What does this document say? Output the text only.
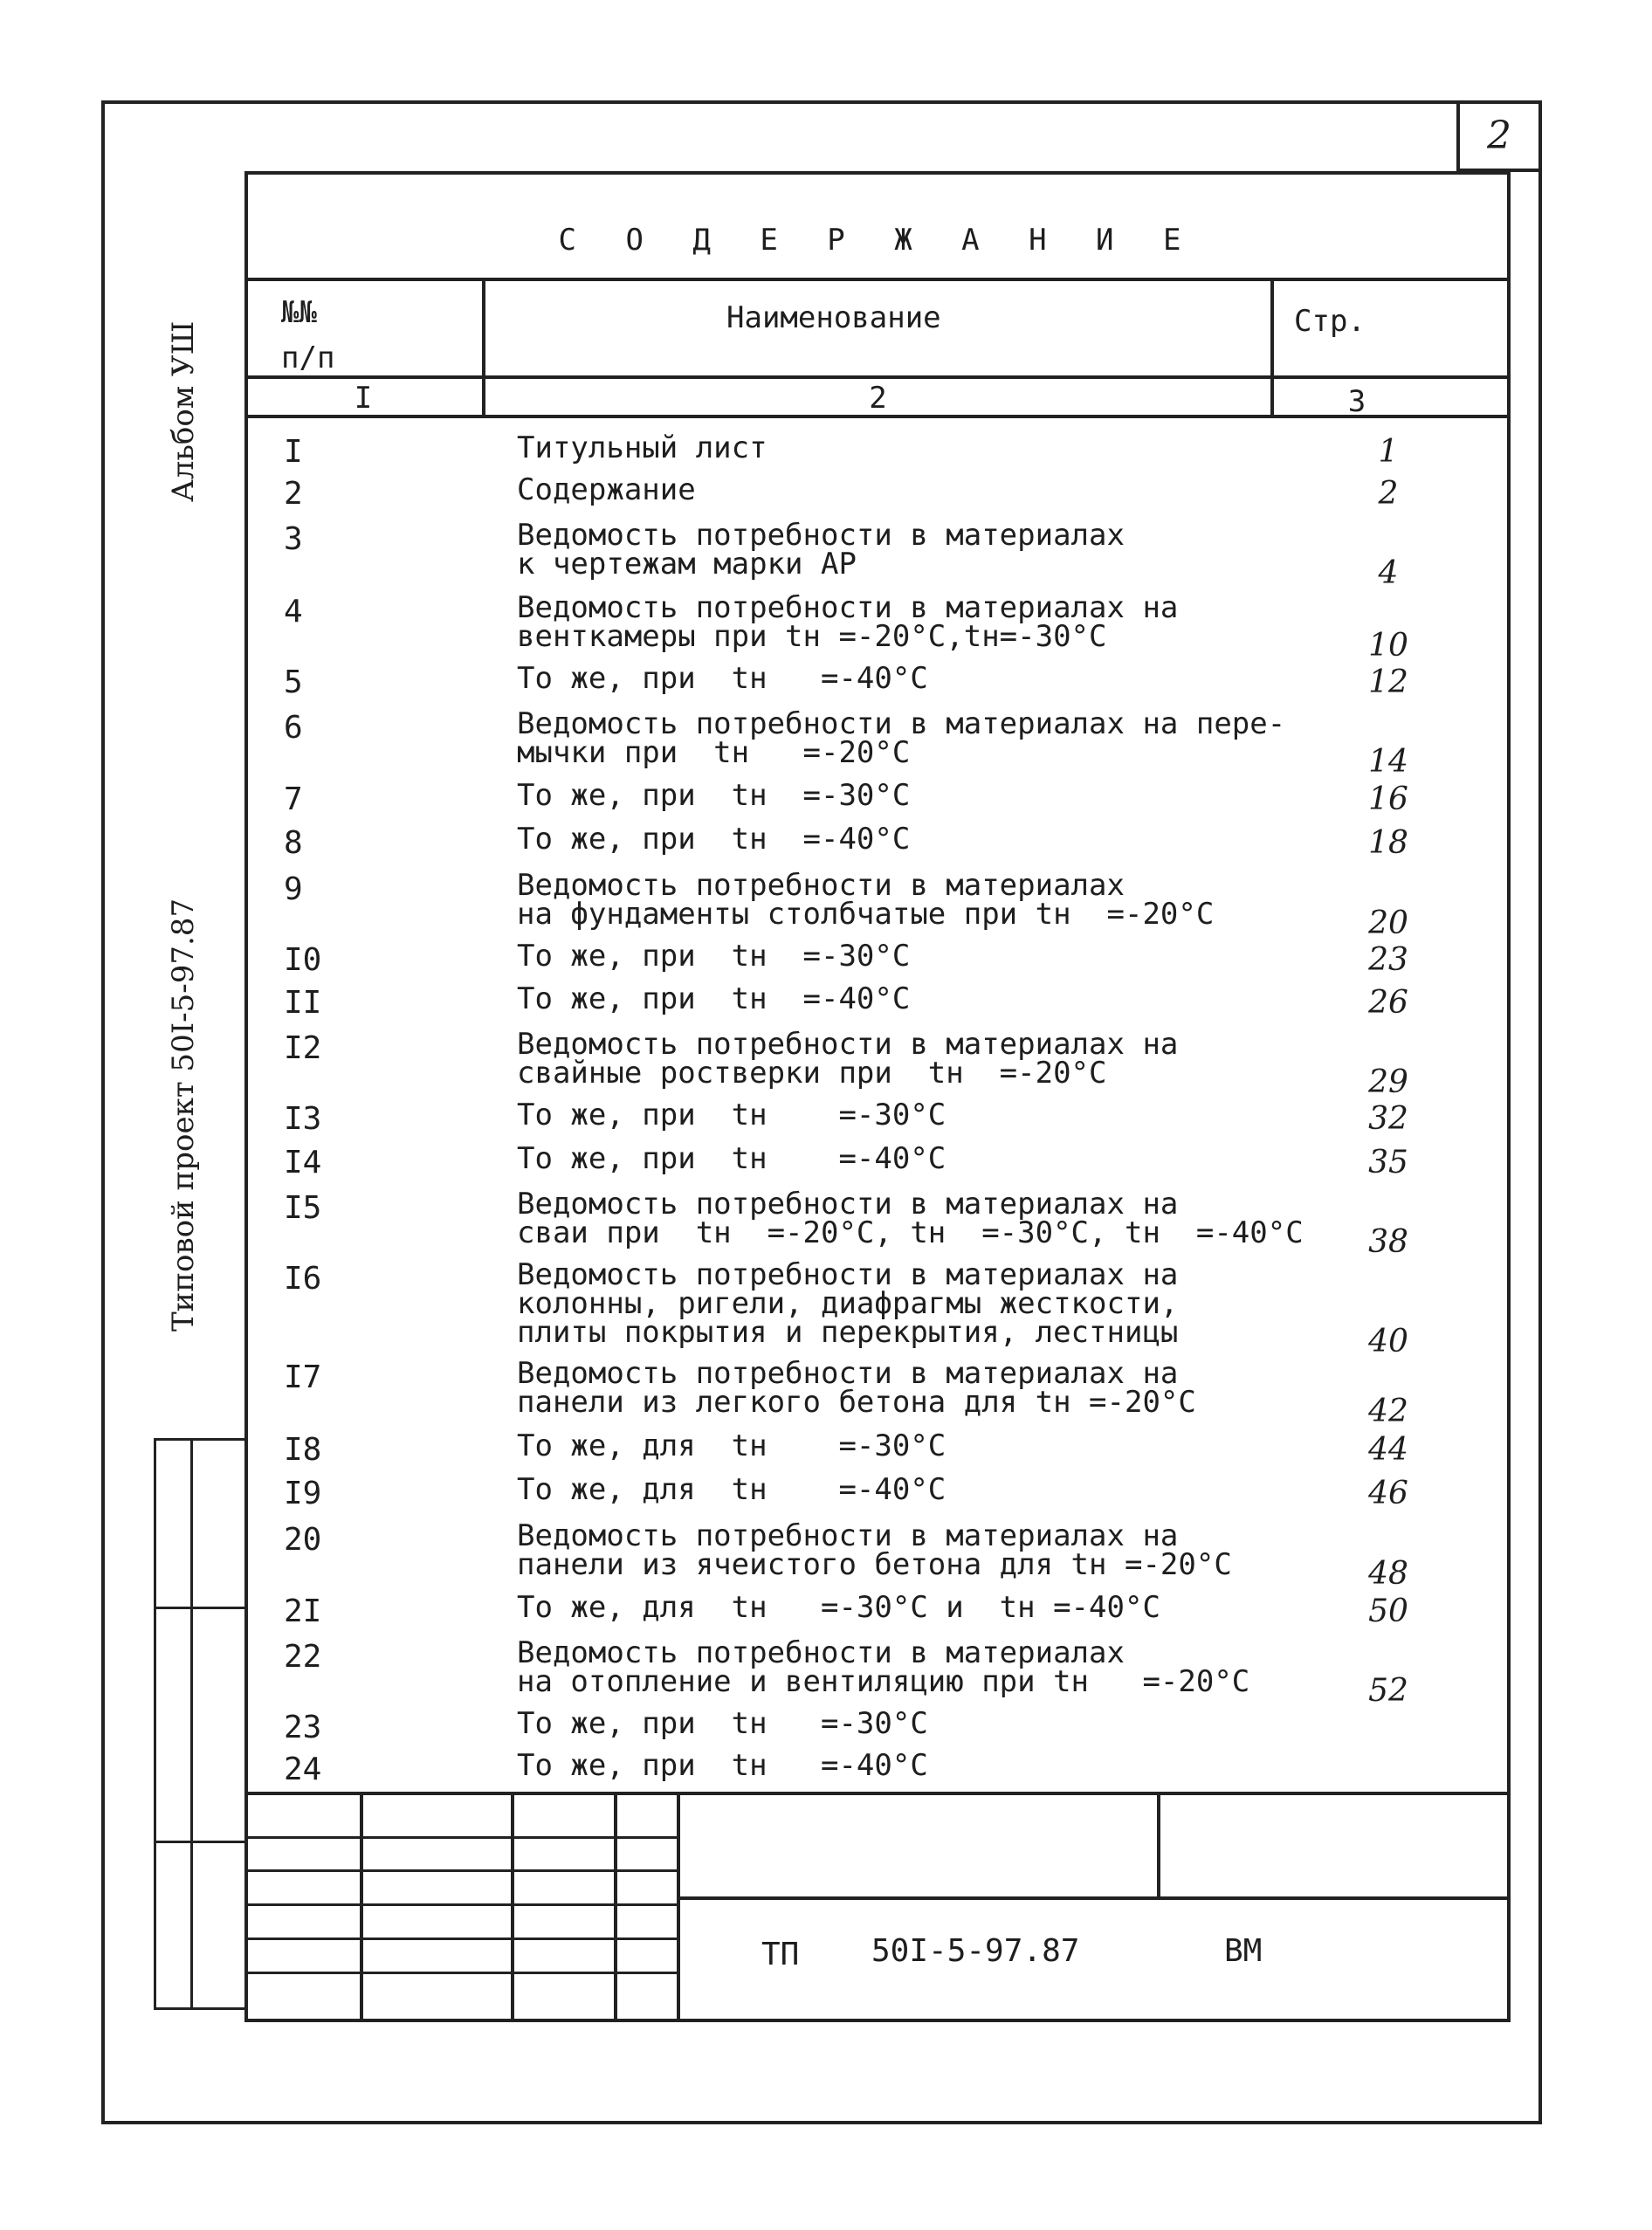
2
С О Д Е Р Ж А Н И Е
№№
п/п
Наименование	Стр.
I	2	3
Альбом УШ
Типовой проект 50I-5-97.87
I	Титульный лист	1
2	Содержание	2
3	Ведомость потребности в материалах
к чертежам марки АР	4
4	Ведомость потребности в материалах на
венткамеры при tн =-20°С,tн=-30°С	10
5	То же, при  tн   =-40°С	12
6	Ведомость потребности в материалах на пере-
мычки при  tн   =-20°С	14
7	То же, при  tн  =-30°С	16
8	То же, при  tн  =-40°С	18
9	Ведомость потребности в материалах
на фундаменты столбчатые при tн  =-20°С	20
I0	То же, при  tн  =-30°С	23
II	То же, при  tн  =-40°С	26
I2	Ведомость потребности в материалах на
свайные ростверки при  tн  =-20°С	29
I3	То же, при  tн    =-30°С	32
I4	То же, при  tн    =-40°С	35
I5	Ведомость потребности в материалах на
сваи при  tн  =-20°С, tн  =-30°С, tн  =-40°С	38
I6	Ведомость потребности в материалах на
колонны, ригели, диафрагмы жесткости,
плиты покрытия и перекрытия, лестницы	40
I7	Ведомость потребности в материалах на
панели из легкого бетона для tн =-20°С	42
I8	То же, для  tн    =-30°С	44
I9	То же, для  tн    =-40°С	46
20	Ведомость потребности в материалах на
панели из ячеистого бетона для tн =-20°С	48
2I	То же, для  tн   =-30°С и  tн =-40°С	50
22	Ведомость потребности в материалах
на отопление и вентиляцию при tн   =-20°С	52
23	То же, при  tн   =-30°С
24	То же, при  tн   =-40°С
ТП 50I-5-97.87	ВМ
